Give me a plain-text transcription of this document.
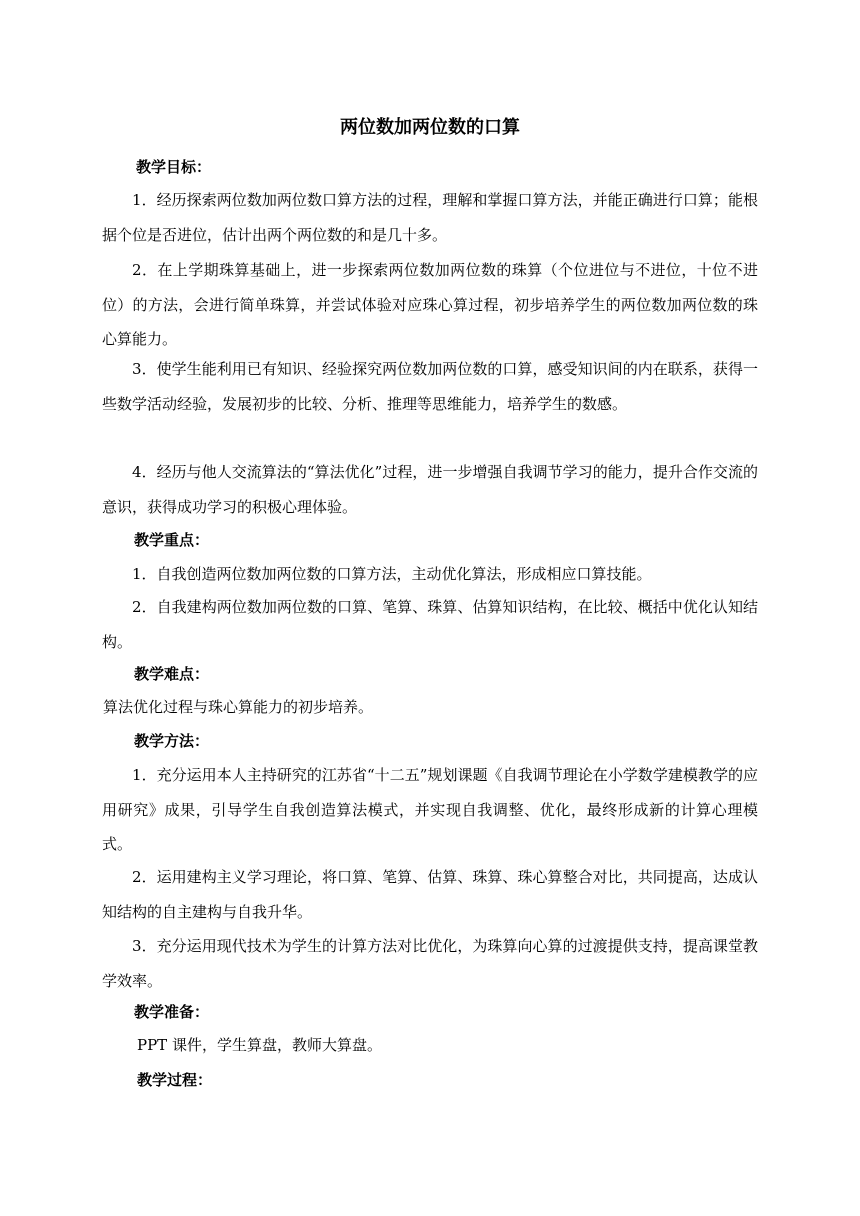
两位数加两位数的口算
教学目标：
1．经历探索两位数加两位数口算方法的过程，理解和掌握口算方法，并能正确进行口算；能根据个位是否进位，估计出两个两位数的和是几十多。
2．在上学期珠算基础上，进一步探索两位数加两位数的珠算（个位进位与不进位，十位不进位）的方法，会进行简单珠算，并尝试体验对应珠心算过程，初步培养学生的两位数加两位数的珠心算能力。
3．使学生能利用已有知识、经验探究两位数加两位数的口算，感受知识间的内在联系，获得一些数学活动经验，发展初步的比较、分析、推理等思维能力，培养学生的数感。
4．经历与他人交流算法的“算法优化”过程，进一步增强自我调节学习的能力，提升合作交流的意识，获得成功学习的积极心理体验。
教学重点：
1．自我创造两位数加两位数的口算方法，主动优化算法，形成相应口算技能。
2．自我建构两位数加两位数的口算、笔算、珠算、估算知识结构，在比较、概括中优化认知结构。
教学难点：
算法优化过程与珠心算能力的初步培养。
教学方法：
1．充分运用本人主持研究的江苏省“十二五”规划课题《自我调节理论在小学数学建模教学的应用研究》成果，引导学生自我创造算法模式，并实现自我调整、优化，最终形成新的计算心理模式。
2．运用建构主义学习理论，将口算、笔算、估算、珠算、珠心算整合对比，共同提高，达成认知结构的自主建构与自我升华。
3．充分运用现代技术为学生的计算方法对比优化，为珠算向心算的过渡提供支持，提高课堂教学效率。
教学准备：
PPT 课件，学生算盘，教师大算盘。
教学过程：
